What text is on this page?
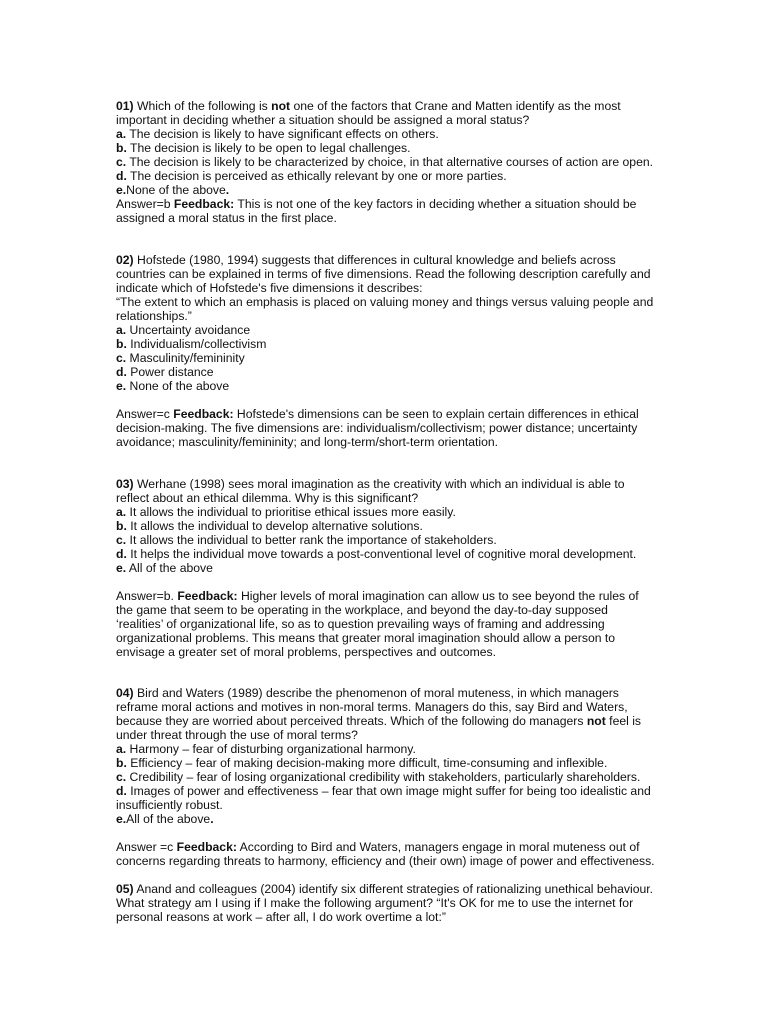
01) Which of the following is not one of the factors that Crane and Matten identify as the most important in deciding whether a situation should be assigned a moral status?

a. The decision is likely to have significant effects on others.

b. The decision is likely to be open to legal challenges.

c. The decision is likely to be characterized by choice, in that alternative courses of action are open.

d. The decision is perceived as ethically relevant by one or more parties.

e.None of the above.

Answer=b Feedback: This is not one of the key factors in deciding whether a situation should be assigned a moral status in the first place.

02) Hofstede (1980, 1994) suggests that differences in cultural knowledge and beliefs across countries can be explained in terms of five dimensions. Read the following description carefully and indicate which of Hofstede's five dimensions it describes:

“The extent to which an emphasis is placed on valuing money and things versus valuing people and relationships.”

a. Uncertainty avoidance

b. Individualism/collectivism

c. Masculinity/femininity

d. Power distance

e. None of the above

Answer=c Feedback: Hofstede's dimensions can be seen to explain certain differences in ethical decision-making. The five dimensions are: individualism/collectivism; power distance; uncertainty avoidance; masculinity/femininity; and long-term/short-term orientation.

03) Werhane (1998) sees moral imagination as the creativity with which an individual is able to reflect about an ethical dilemma. Why is this significant?

a. It allows the individual to prioritise ethical issues more easily.

b. It allows the individual to develop alternative solutions.

c. It allows the individual to better rank the importance of stakeholders.

d. It helps the individual move towards a post-conventional level of cognitive moral development.

e. All of the above

Answer=b. Feedback: Higher levels of moral imagination can allow us to see beyond the rules of the game that seem to be operating in the workplace, and beyond the day-to-day supposed ‘realities’ of organizational life, so as to question prevailing ways of framing and addressing organizational problems. This means that greater moral imagination should allow a person to envisage a greater set of moral problems, perspectives and outcomes.

04) Bird and Waters (1989) describe the phenomenon of moral muteness, in which managers reframe moral actions and motives in non-moral terms. Managers do this, say Bird and Waters, because they are worried about perceived threats. Which of the following do managers not feel is under threat through the use of moral terms?

a. Harmony – fear of disturbing organizational harmony.

b. Efficiency – fear of making decision-making more difficult, time-consuming and inflexible.

c. Credibility – fear of losing organizational credibility with stakeholders, particularly shareholders.

d. Images of power and effectiveness – fear that own image might suffer for being too idealistic and insufficiently robust.

e.All of the above.

Answer =c Feedback: According to Bird and Waters, managers engage in moral muteness out of concerns regarding threats to harmony, efficiency and (their own) image of power and effectiveness.

05) Anand and colleagues (2004) identify six different strategies of rationalizing unethical behaviour. What strategy am I using if I make the following argument? “It's OK for me to use the internet for personal reasons at work – after all, I do work overtime a lot:”
